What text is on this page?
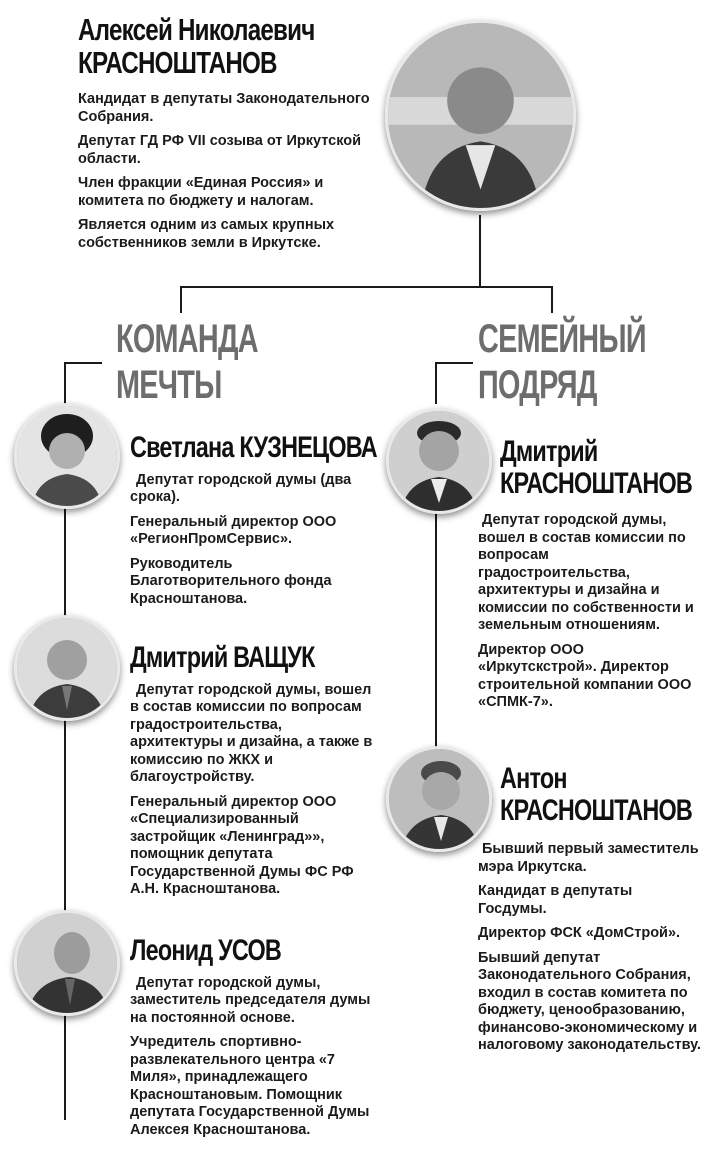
Алексей Николаевич
КРАСНОШТАНОВ

Кандидат в депутаты Законодательного Собрания.

Депутат ГД РФ VII созыва от Иркутской области.

Член фракции «Единая Россия» и комитета по бюджету и налогам.

Является одним из самых крупных собственников земли в Иркутске.

КОМАНДА
МЕЧТЫ
СЕМЕЙНЫЙ
ПОДРЯД
Светлана КУЗНЕЦОВА

Депутат городской думы (два срока).

Генеральный директор ООО «РегионПромСервис».

Руководитель Благотворительного фонда Красноштанова.

Дмитрий ВАЩУК

Депутат городской думы, вошел в состав комиссии по вопросам градостроительства, архитектуры и дизайна, а также в комиссию по ЖКХ и благоустройству.

Генеральный директор ООО «Специализированный застройщик «Ленинград»», помощник депутата Государственной Думы ФС РФ А.Н. Красноштанова.

Леонид УСОВ

Депутат городской думы, заместитель председателя думы на постоянной основе.

Учредитель спортивно-развлекательного центра «7 Миля», принадлежащего Красноштановым. Помощник депутата Государственной Думы Алексея Красноштанова.

Дмитрий
КРАСНОШТАНОВ

Депутат городской думы, вошел в состав комиссии по вопросам градостроительства, архитектуры и дизайна и комиссии по собственности и земельным отношениям.

Директор ООО «Иркутскстрой». Директор строительной компании ООО «СПМК-7».

Антон
КРАСНОШТАНОВ

Бывший первый заместитель мэра Иркутска.

Кандидат в депутаты Госдумы.

Директор ФСК «ДомСтрой».

Бывший депутат Законодательного Собрания, входил в состав комитета по бюджету, ценообразованию, финансово-экономическому и налоговому законодательству.
